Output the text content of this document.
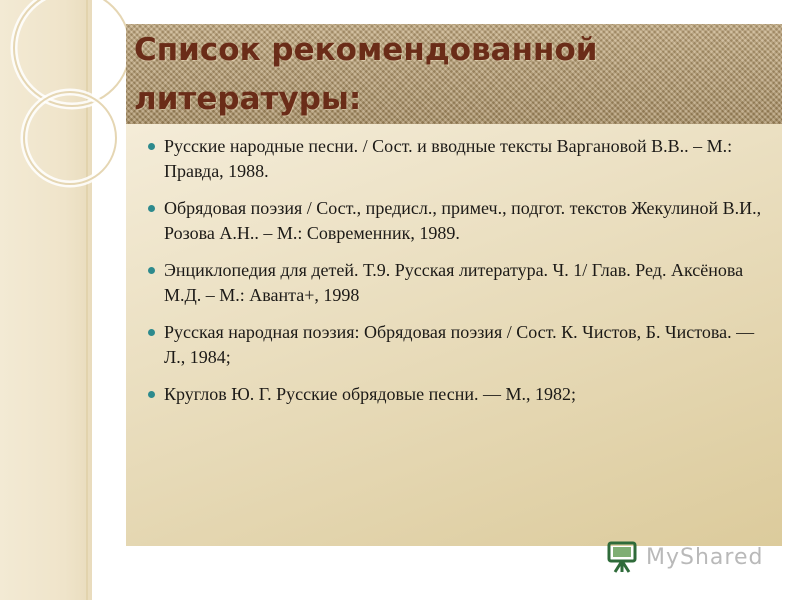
Список рекомендованной литературы:
Русские народные песни. / Сост. и вводные тексты Варгановой В.В.. – М.: Правда, 1988.
Обрядовая поэзия / Сост., предисл., примеч., подгот. текстов Жекулиной В.И., Розова А.Н.. – М.: Современник, 1989.
Энциклопедия для детей. Т.9. Русская литература. Ч. 1/ Глав. Ред. Аксёнова М.Д. – М.: Аванта+, 1998
Русская народная поэзия: Обрядовая поэзия / Сост. К. Чистов, Б. Чистова. — Л., 1984;
Круглов Ю. Г. Русские обрядовые песни. — М., 1982;
MyShared
